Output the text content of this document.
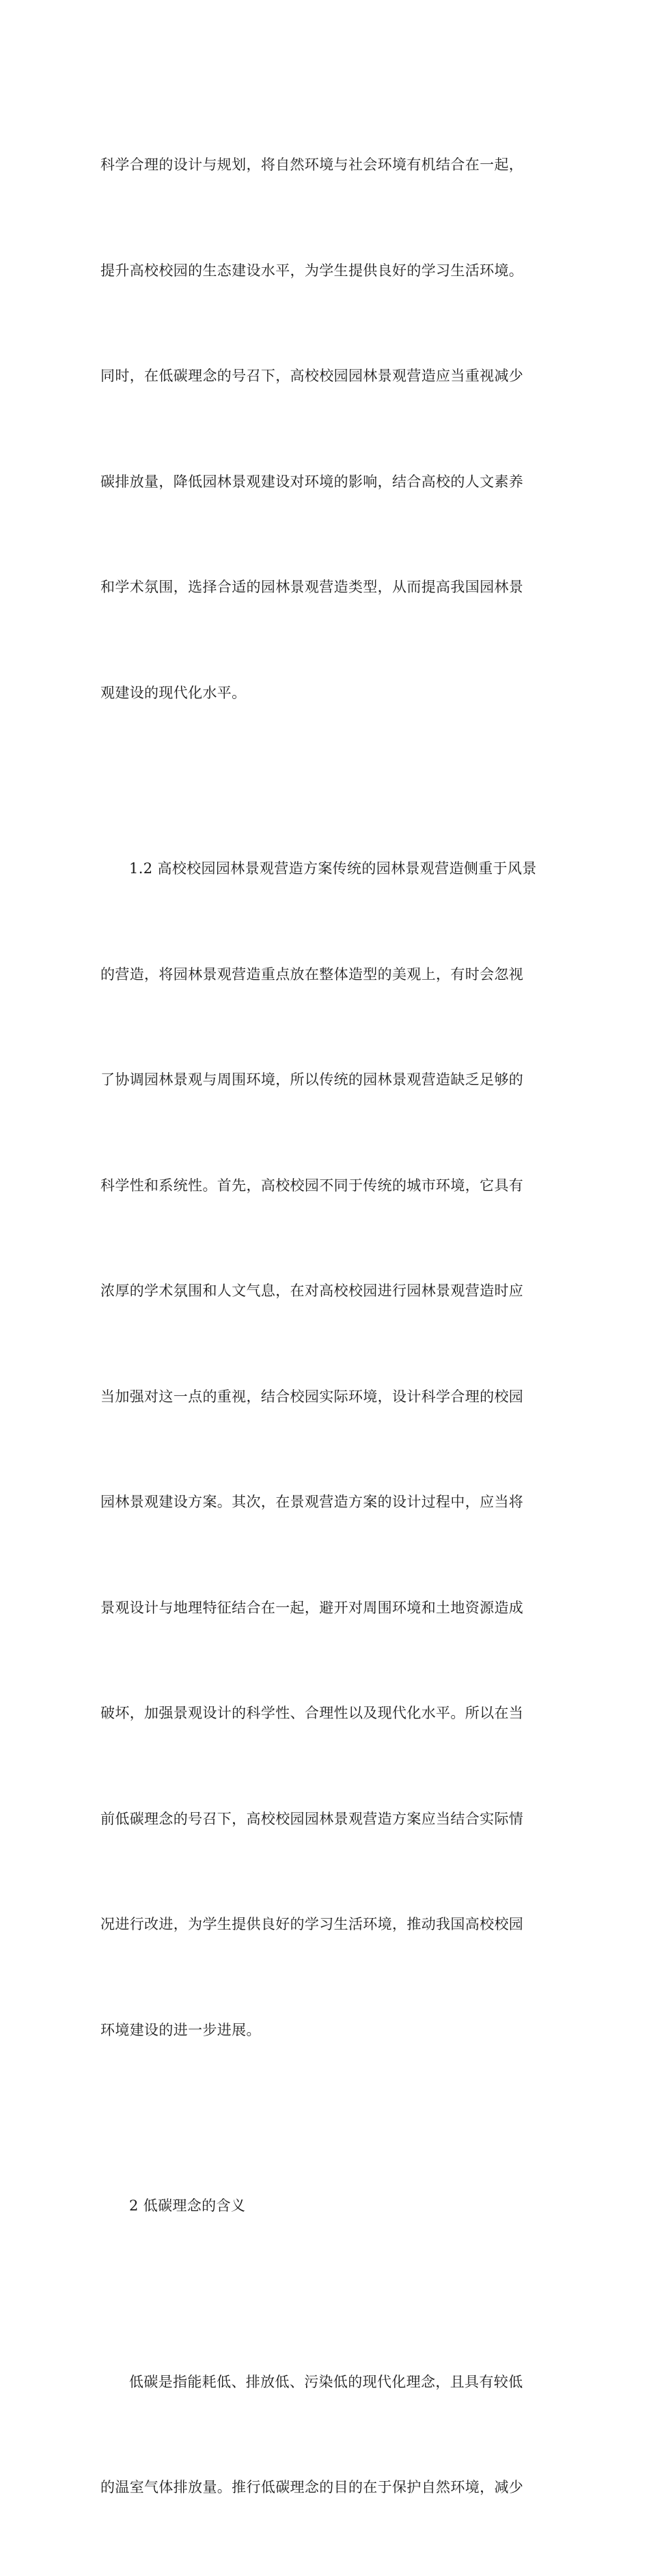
科学合理的设计与规划，将自然环境与社会环境有机结合在一起，

提升高校校园的生态建设水平，为学生提供良好的学习生活环境。

同时，在低碳理念的号召下，高校校园园林景观营造应当重视减少

碳排放量，降低园林景观建设对环境的影响，结合高校的人文素养

和学术氛围，选择合适的园林景观营造类型，从而提高我国园林景

观建设的现代化水平。

1.2 高校校园园林景观营造方案传统的园林景观营造侧重于风景

的营造，将园林景观营造重点放在整体造型的美观上，有时会忽视

了协调园林景观与周围环境，所以传统的园林景观营造缺乏足够的

科学性和系统性。首先，高校校园不同于传统的城市环境，它具有

浓厚的学术氛围和人文气息，在对高校校园进行园林景观营造时应

当加强对这一点的重视，结合校园实际环境，设计科学合理的校园

园林景观建设方案。其次，在景观营造方案的设计过程中，应当将

景观设计与地理特征结合在一起，避开对周围环境和土地资源造成

破坏，加强景观设计的科学性、合理性以及现代化水平。所以在当

前低碳理念的号召下，高校校园园林景观营造方案应当结合实际情

况进行改进，为学生提供良好的学习生活环境，推动我国高校校园

环境建设的进一步进展。

2 低碳理念的含义

低碳是指能耗低、排放低、污染低的现代化理念，且具有较低

的温室气体排放量。推行低碳理念的目的在于保护自然环境，减少
